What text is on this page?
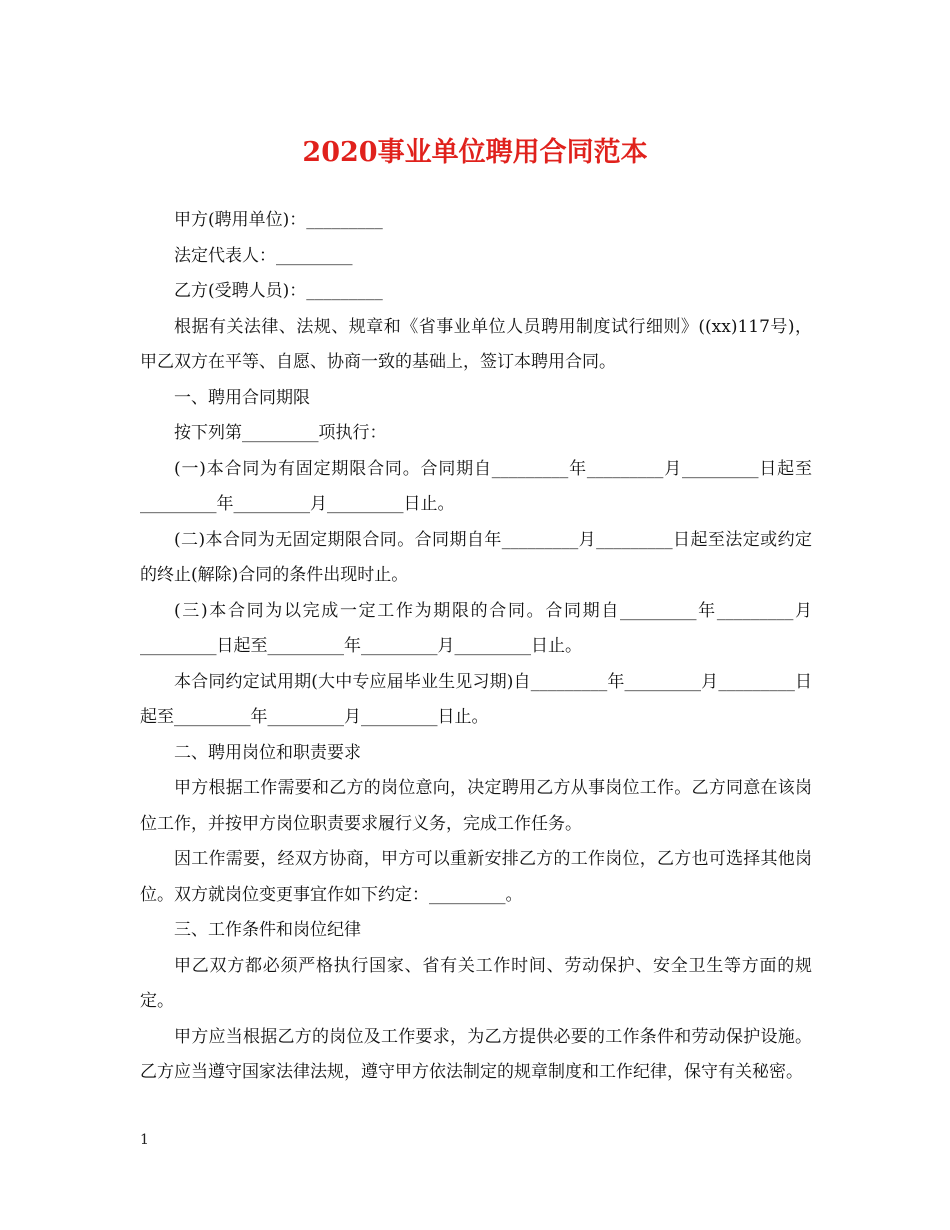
2020事业单位聘用合同范本

甲方(聘用单位)：_________

法定代表人：_________

乙方(受聘人员)：_________

根据有关法律、法规、规章和《省事业单位人员聘用制度试行细则》((xx)117号)，甲乙双方在平等、自愿、协商一致的基础上，签订本聘用合同。

一、聘用合同期限

按下列第_________项执行：

(一)本合同为有固定期限合同。合同期自_________年_________月_________日起至_________年_________月_________日止。

(二)本合同为无固定期限合同。合同期自年_________月_________日起至法定或约定的终止(解除)合同的条件出现时止。

(三)本合同为以完成一定工作为期限的合同。合同期自_________年_________月_________日起至_________年_________月_________日止。

本合同约定试用期(大中专应届毕业生见习期)自_________年_________月_________日起至_________年_________月_________日止。

二、聘用岗位和职责要求

甲方根据工作需要和乙方的岗位意向，决定聘用乙方从事岗位工作。乙方同意在该岗位工作，并按甲方岗位职责要求履行义务，完成工作任务。

因工作需要，经双方协商，甲方可以重新安排乙方的工作岗位，乙方也可选择其他岗位。双方就岗位变更事宜作如下约定：_________。

三、工作条件和岗位纪律

甲乙双方都必须严格执行国家、省有关工作时间、劳动保护、安全卫生等方面的规定。

甲方应当根据乙方的岗位及工作要求，为乙方提供必要的工作条件和劳动保护设施。乙方应当遵守国家法律法规，遵守甲方依法制定的规章制度和工作纪律，保守有关秘密。

1
